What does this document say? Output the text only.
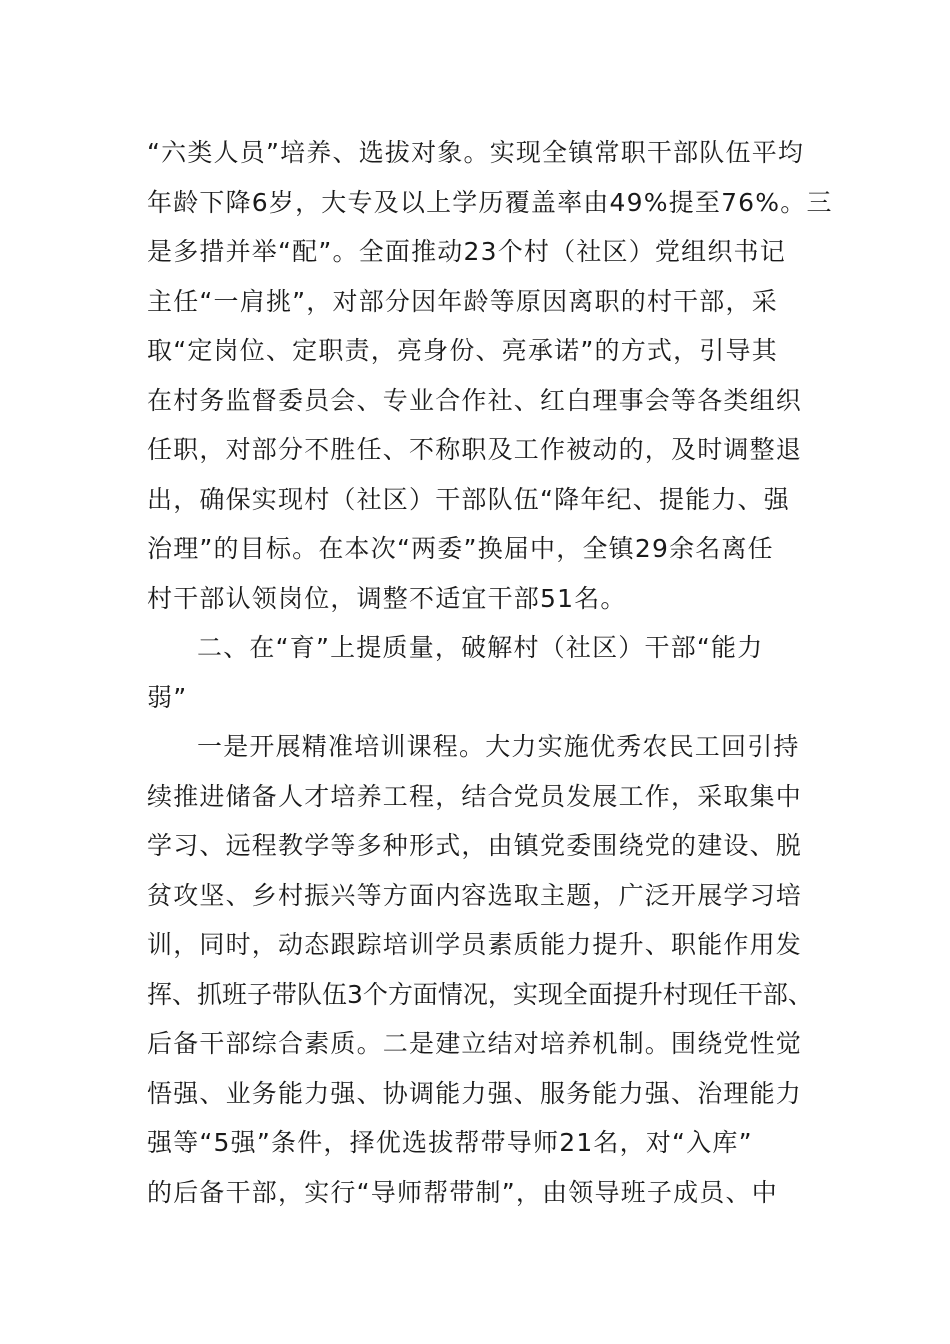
“六类人员”培养、选拔对象。实现全镇常职干部队伍平均
年龄下降6岁，大专及以上学历覆盖率由49%提至76%。三
是多措并举“配”。全面推动23个村（社区）党组织书记
主任“一肩挑”，对部分因年龄等原因离职的村干部，采
取“定岗位、定职责，亮身份、亮承诺”的方式，引导其
在村务监督委员会、专业合作社、红白理事会等各类组织
任职，对部分不胜任、不称职及工作被动的，及时调整退
出，确保实现村（社区）干部队伍“降年纪、提能力、强
治理”的目标。在本次“两委”换届中，全镇29余名离任
村干部认领岗位，调整不适宜干部51名。
二、在“育”上提质量，破解村（社区）干部“能力
弱”
一是开展精准培训课程。大力实施优秀农民工回引持
续推进储备人才培养工程，结合党员发展工作，采取集中
学习、远程教学等多种形式，由镇党委围绕党的建设、脱
贫攻坚、乡村振兴等方面内容选取主题，广泛开展学习培
训，同时，动态跟踪培训学员素质能力提升、职能作用发
挥、抓班子带队伍3个方面情况，实现全面提升村现任干部、
后备干部综合素质。二是建立结对培养机制。围绕党性觉
悟强、业务能力强、协调能力强、服务能力强、治理能力
强等“5强”条件，择优选拔帮带导师21名，对“入库”
的后备干部，实行“导师帮带制”，由领导班子成员、中
